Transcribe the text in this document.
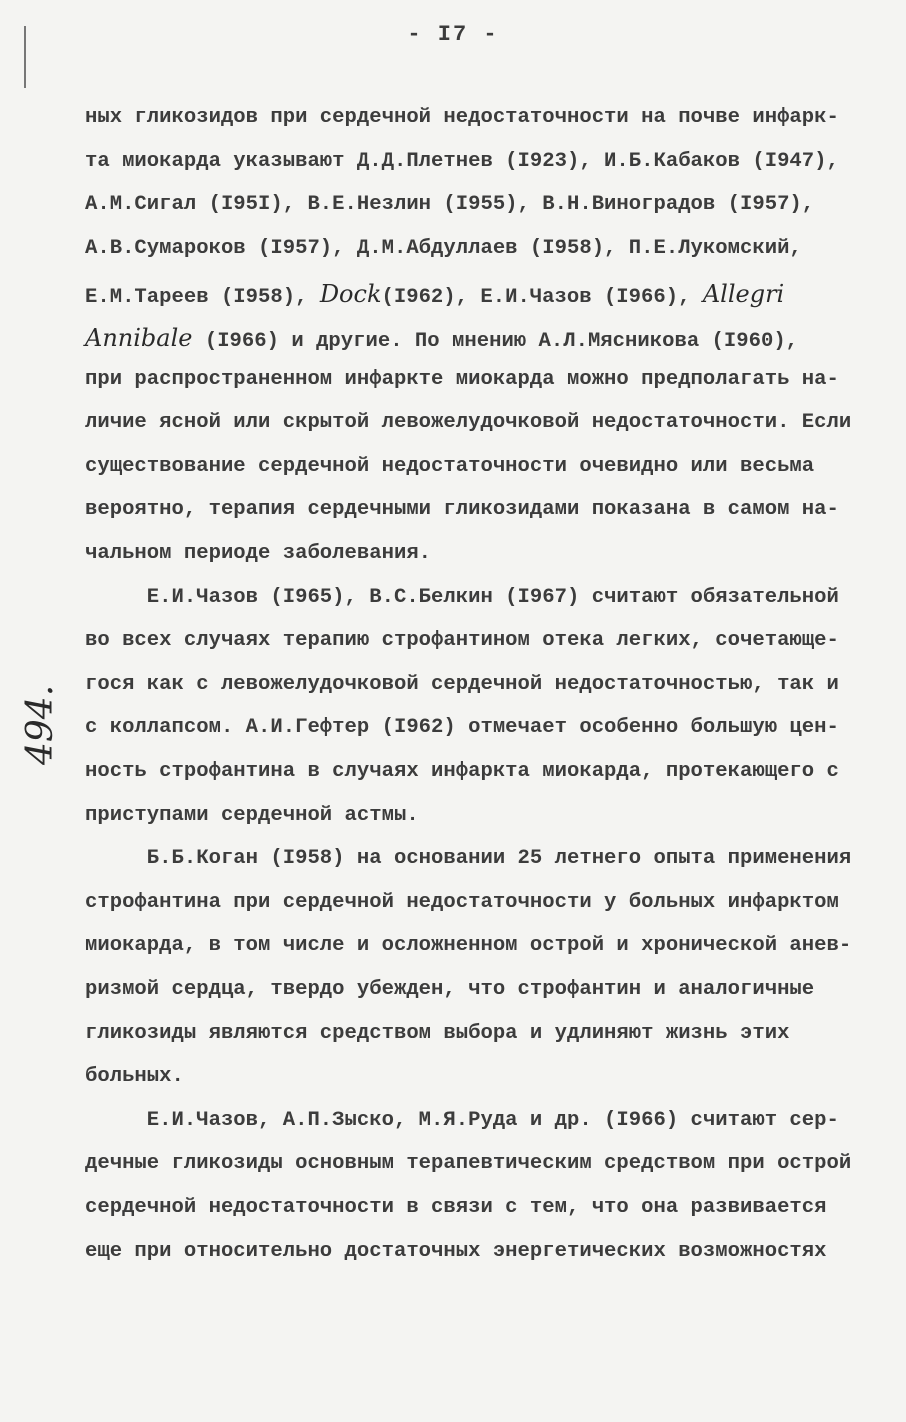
- I7 -
494.
ных гликозидов при сердечной недостаточности на почве инфарк-
та миокарда указывают Д.Д.Плетнев (I923), И.Б.Кабаков (I947),
А.М.Сигал (I95I), В.Е.Незлин (I955), В.Н.Виноградов (I957),
А.В.Сумароков (I957), Д.М.Абдуллаев (I958), П.Е.Лукомский,
Е.М.Тареев (I958), Dock(I962), Е.И.Чазов (I966), Allegri
Annibale (I966) и другие. По мнению А.Л.Мясникова (I960),
при распространенном инфаркте миокарда можно предполагать на-
личие ясной или скрытой левожелудочковой недостаточности. Если
существование сердечной недостаточности очевидно или весьма
вероятно, терапия сердечными гликозидами показана в самом на-
чальном периоде заболевания.
Е.И.Чазов (I965), В.С.Белкин (I967) считают обязательной
во всех случаях терапию строфантином отека легких, сочетающе-
гося как с левожелудочковой сердечной недостаточностью, так и
с коллапсом. А.И.Гефтер (I962) отмечает особенно большую цен-
ность строфантина в случаях инфаркта миокарда, протекающего с
приступами сердечной астмы.
Б.Б.Коган (I958) на основании 25 летнего опыта применения
строфантина при сердечной недостаточности у больных инфарктом
миокарда, в том числе и осложненном острой и хронической анев-
ризмой сердца, твердо убежден, что строфантин и аналогичные
гликозиды являются средством выбора и удлиняют жизнь этих
больных.
Е.И.Чазов, А.П.Зыско, М.Я.Руда и др. (I966) считают сер-
дечные гликозиды основным терапевтическим средством при острой
сердечной недостаточности в связи с тем, что она развивается
еще при относительно достаточных энергетических возможностях
